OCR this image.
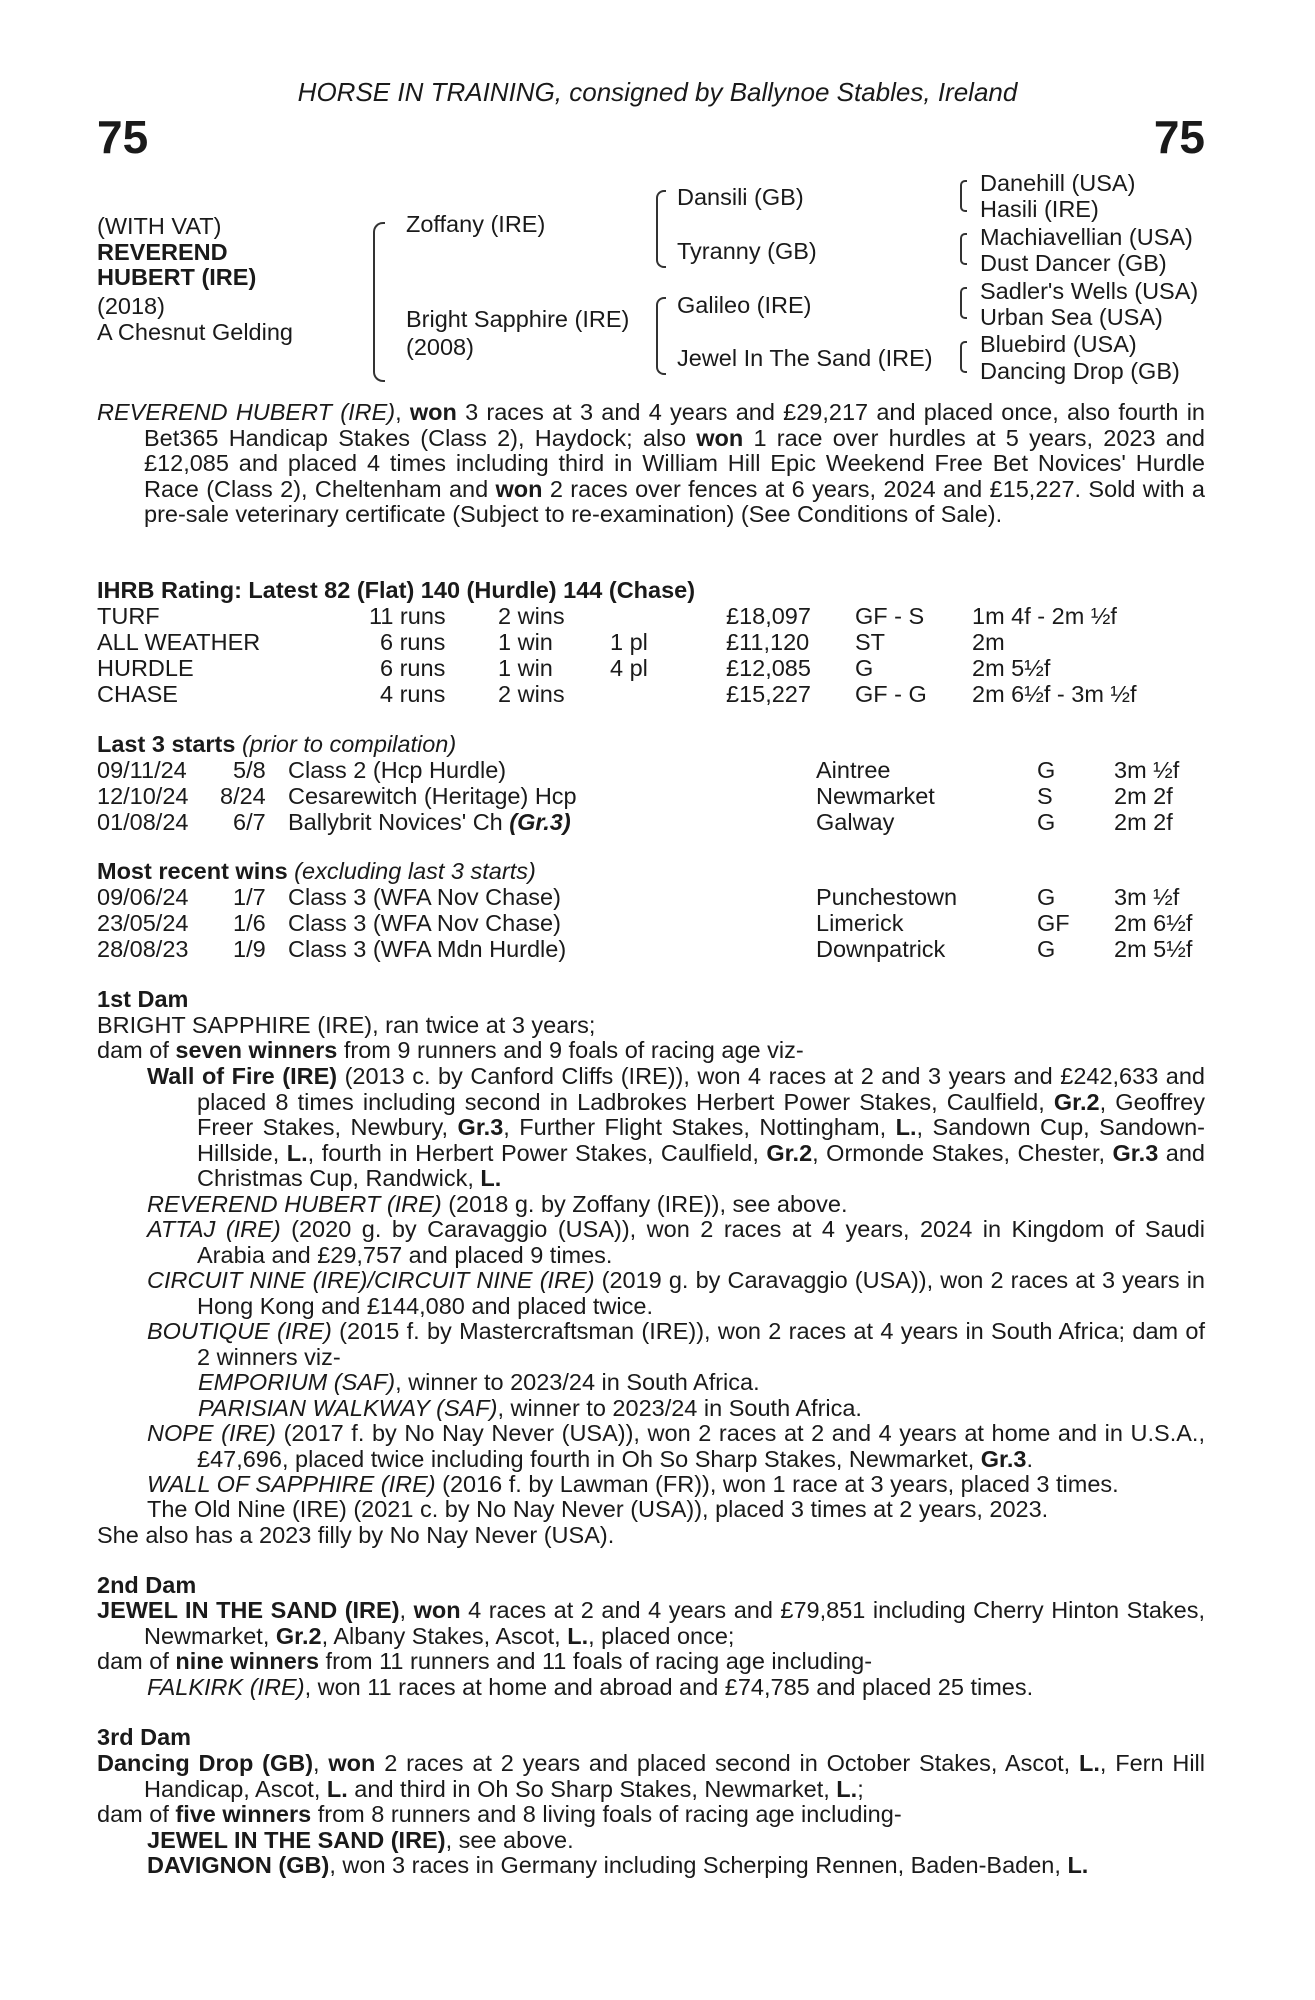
HORSE IN TRAINING, consigned by Ballynoe Stables, Ireland
75	75
(WITH VAT)
REVEREND
HUBERT (IRE)
(2018)
A Chesnut Gelding
Zoffany (IRE)
Bright Sapphire (IRE)
(2008)
Dansili (GB)
Tyranny (GB)
Galileo (IRE)
Jewel In The Sand (IRE)
Danehill (USA)
Hasili (IRE)
Machiavellian (USA)
Dust Dancer (GB)
Sadler's Wells (USA)
Urban Sea (USA)
Bluebird (USA)
Dancing Drop (GB)
REVEREND HUBERT (IRE), won 3 races at 3 and 4 years and £29,217 and placed once, also fourth in Bet365 Handicap Stakes (Class 2), Haydock; also won 1 race over hurdles at 5 years, 2023 and £12,085 and placed 4 times including third in William Hill Epic Weekend Free Bet Novices' Hurdle Race (Class 2), Cheltenham and won 2 races over fences at 6 years, 2024 and £15,227. Sold with a pre-sale veterinary certificate (Subject to re-examination) (See Conditions of Sale).
IHRB Rating: Latest 82 (Flat) 140 (Hurdle) 144 (Chase)
TURF	11 runs 2 wins	£18,097 GF - S 1m 4f - 2m ½f
ALL WEATHER	6 runs 1 win 1 pl	£11,120 ST	2m
HURDLE	6 runs 1 win 4 pl	£12,085 G	2m 5½f
CHASE	4 runs 2 wins	£15,227 GF - G 2m 6½f - 3m ½f
Last 3 starts (prior to compilation)
09/11/24 5/8 Class 2 (Hcp Hurdle)	Aintree	G 3m ½f
12/10/24 8/24 Cesarewitch (Heritage) Hcp	Newmarket	S	2m 2f
01/08/24 6/7 Ballybrit Novices' Ch (Gr.3)	Galway	G 2m 2f
Most recent wins (excluding last 3 starts)
09/06/24 1/7 Class 3 (WFA Nov Chase)	Punchestown	G 3m ½f
23/05/24 1/6 Class 3 (WFA Nov Chase)	Limerick	GF 2m 6½f
28/08/23 1/9 Class 3 (WFA Mdn Hurdle)	Downpatrick	G 2m 5½f
1st Dam
BRIGHT SAPPHIRE (IRE), ran twice at 3 years;
dam of seven winners from 9 runners and 9 foals of racing age viz-
Wall of Fire (IRE) (2013 c. by Canford Cliffs (IRE)), won 4 races at 2 and 3 years and £242,633 and placed 8 times including second in Ladbrokes Herbert Power Stakes, Caulfield, Gr.2, Geoffrey Freer Stakes, Newbury, Gr.3, Further Flight Stakes, Nottingham, L., Sandown Cup, Sandown-Hillside, L., fourth in Herbert Power Stakes, Caulfield, Gr.2, Ormonde Stakes, Chester, Gr.3 and Christmas Cup, Randwick, L.
REVEREND HUBERT (IRE) (2018 g. by Zoffany (IRE)), see above.
ATTAJ (IRE) (2020 g. by Caravaggio (USA)), won 2 races at 4 years, 2024 in Kingdom of Saudi Arabia and £29,757 and placed 9 times.
CIRCUIT NINE (IRE)/CIRCUIT NINE (IRE) (2019 g. by Caravaggio (USA)), won 2 races at 3 years in Hong Kong and £144,080 and placed twice.
BOUTIQUE (IRE) (2015 f. by Mastercraftsman (IRE)), won 2 races at 4 years in South Africa; dam of 2 winners viz-
EMPORIUM (SAF), winner to 2023/24 in South Africa.
PARISIAN WALKWAY (SAF), winner to 2023/24 in South Africa.
NOPE (IRE) (2017 f. by No Nay Never (USA)), won 2 races at 2 and 4 years at home and in U.S.A., £47,696, placed twice including fourth in Oh So Sharp Stakes, Newmarket, Gr.3.
WALL OF SAPPHIRE (IRE) (2016 f. by Lawman (FR)), won 1 race at 3 years, placed 3 times.
The Old Nine (IRE) (2021 c. by No Nay Never (USA)), placed 3 times at 2 years, 2023.
She also has a 2023 filly by No Nay Never (USA).
2nd Dam
JEWEL IN THE SAND (IRE), won 4 races at 2 and 4 years and £79,851 including Cherry Hinton Stakes, Newmarket, Gr.2, Albany Stakes, Ascot, L., placed once;
dam of nine winners from 11 runners and 11 foals of racing age including-
FALKIRK (IRE), won 11 races at home and abroad and £74,785 and placed 25 times.
3rd Dam
Dancing Drop (GB), won 2 races at 2 years and placed second in October Stakes, Ascot, L., Fern Hill Handicap, Ascot, L. and third in Oh So Sharp Stakes, Newmarket, L.;
dam of five winners from 8 runners and 8 living foals of racing age including-
JEWEL IN THE SAND (IRE), see above.
DAVIGNON (GB), won 3 races in Germany including Scherping Rennen, Baden-Baden, L.
